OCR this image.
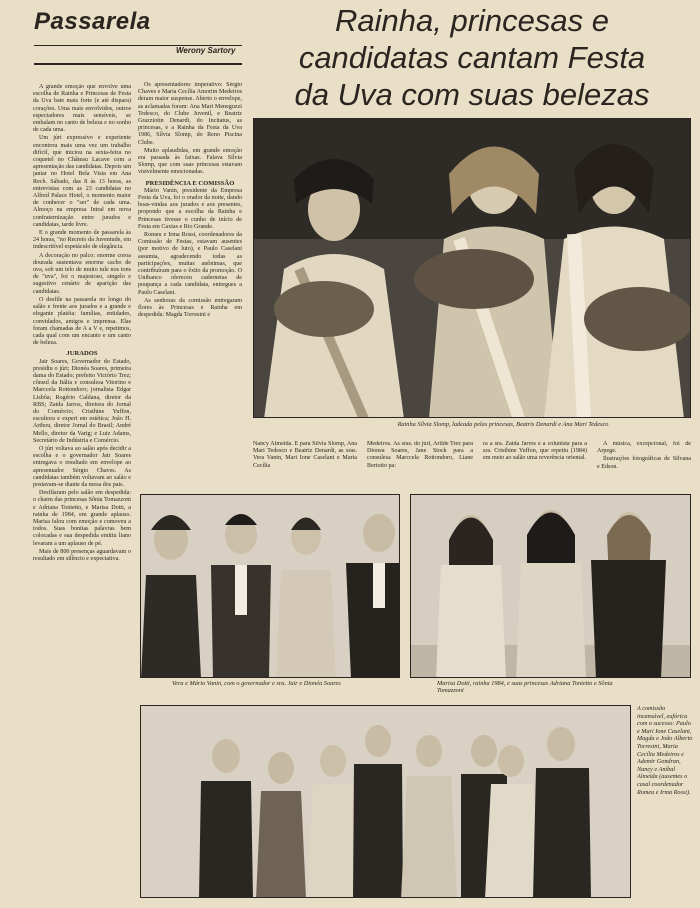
Passarela
Werony Sartory
Rainha, princesas e
candidatas cantam Festa
da Uva com suas belezas

A grande emoção que envolve uma escolha de Rainha e Princesas de Festa da Uva bate mais forte (e até dispara) corações. Uma mais envolvidos, outros espectadores mais sensíveis, se embalam no canto de beleza e no sonho de cada uma.

Um júri expressivo e experiente encontrou mais uma vez um trabalho difícil, que iniciou na sexta-feira no coquetel no Château Lacave com a apresentação das candidatas. Depois um jantar no Hotel Bela Vista em Ana Rech. Sábado, das 8 às 13 horas, as entrevistas com as 23 candidatas no Alfred Palace Hotel, o momento maior de conhecer o "ser" de cada uma. Almoço na empresa Intral em nova confraternização entre jurados e candidatas, tarde livre.

E o grande momento de passarela às 24 horas, "no Recreio da Juventude, em indescritível espetáculo de elegância.

A decoração no palco: enorme coroa dourada sustentava enorme cacho de uva, sob um telo de muito tule nos tons de "uva", foi o majestoso, singelo e sugestivo cenário de aparição das candidatas.

O desfile na passarela no longo do salão e frente aos jurados e a grande e elegante platéia: famílias, entidades, convidados, amigos e imprensa. Elas foram chamadas de A a V e, repetimos, cada qual com um encanto e um canto de beleza.

JURADOS

Jair Soares, Governador do Estado, presidiu o júri; Dionéa Soares, primeira dama do Estado; prefeito Victório Trez; cônsul da Itália e consulesa Vitorino e Marccela Rottondoro; jornalista Edgar Lisbôa; Rogério Caldana, diretor da RBS; Zaida Jarros, diretora do Jornal do Comércio; Cristhine Yuffon, escultora e expert em estética; João H. Arthou, diretor Jornal do Brasil; André Mello, diretor da Varig; e Luiz Adams, Secretário de Indústria e Comércio.

O júri voltava ao salão após decidir a escolha e o governador Jair Soares entregava o resultado em envelope ao apresentador Sérgio Chaves. As candidatas também voltavam ao salão e postavam-se diante da mesa dos pais.

Desfilaram pelo salão em despedida: o charm das princesas Sônia Tomazzoni e Adriana Tonietto, e Marisa Dotti, a rainha de 1984, em grande aplauso. Marisa falou com emoção e comoveu a todos. Suas bonitas palavras bem colocadas e sua despedida emitiu liano levaram a um aplauso de pé.

Mais de 800 presenças aguardavam o resultado em silêncio e expectativa.

Os apresentadores imperativo: Sérgio Chaves e Maria Cecília Amorim Medeiros deram maior suspense. Aberto o envelope, as aclamadas foram: Ana Mari Meneguzzi Tedesco, do Clube Juvenil, e Beatriz Grazziotin Denardi, do Incitatus, as princesas, e a Rainha da Festa da Uva 1986, Sílvia Slomp, do Reno Piscina Clube.

Muito aplaudidas, em grande emoção era passada às faixas. Falava Sílvia Slomp, que com suas princesas estavam visivelmente emocionadas.

PRESIDÊNCIA E COMISSÃO

Mário Vanin, presidente da Empresa Festa da Uva, foi o orador da noite, dando boas-vindas aos jurados e aos presentes, propondo que a escolha da Rainha e Princesas tivesse o cunho de início de Festa em Caxias e Rio Grande.

Romeu e Irma Rossi, coordenadores da Comissão de Festas, estavam ausentes (por motivo de luto), e Paulo Caselani assumia, agradecendo todas as participações, muitas anônimas, que contribuíram para o êxito da promoção. O Unibanco ofereceu cadernetas de poupança a cada candidata, entregues a Paulo Caselani.

As senhoras da comissão entregaram flores às Princesas e Rainha em despedida: Magda Torresini e

Rainha Sílvia Slomp, ladeada pelas princesas, Beatris Denardi e Ana Mari Tedesco
Nancy Almeida. E para Sílvia Slomp, Ana Mari Tedesco e Beatriz Denardi, as sras. Vera Vanin, Mari Ione Caselani e Maria Cecília
Medeiros. Às sras. do júri, Arilde Trez para Dionea Soares, Jane Stock para a consulesa Marccela Rottondoro, Liane Bertotto pa:
ra a sra. Zaida Jarros e a colunista para a sra. Cristhine Yuffon, que repetiu (1984) em meio ao salão uma reverência oriental.

A música, excepcional, foi de Arpege.

Ilustrações fotográficas de Silvana e Edson.

Vera e Mário Vanin, com o governador e sra. Jair e Dionéa Soares	Marisa Dotti, rainha 1984, e suas princesas Adriana Tonietto e Sônia Tomazzoni
A comissão incansável, eufórica com o sucesso: Paulo e Mari Ione Caselani, Magda e João Alberto Torresini, Maria Cecília Medeiros e Ademir Gondran, Nancy e Aníbal Almeida (ausentes o casal coordenador Romeu e Irma Rossi).
